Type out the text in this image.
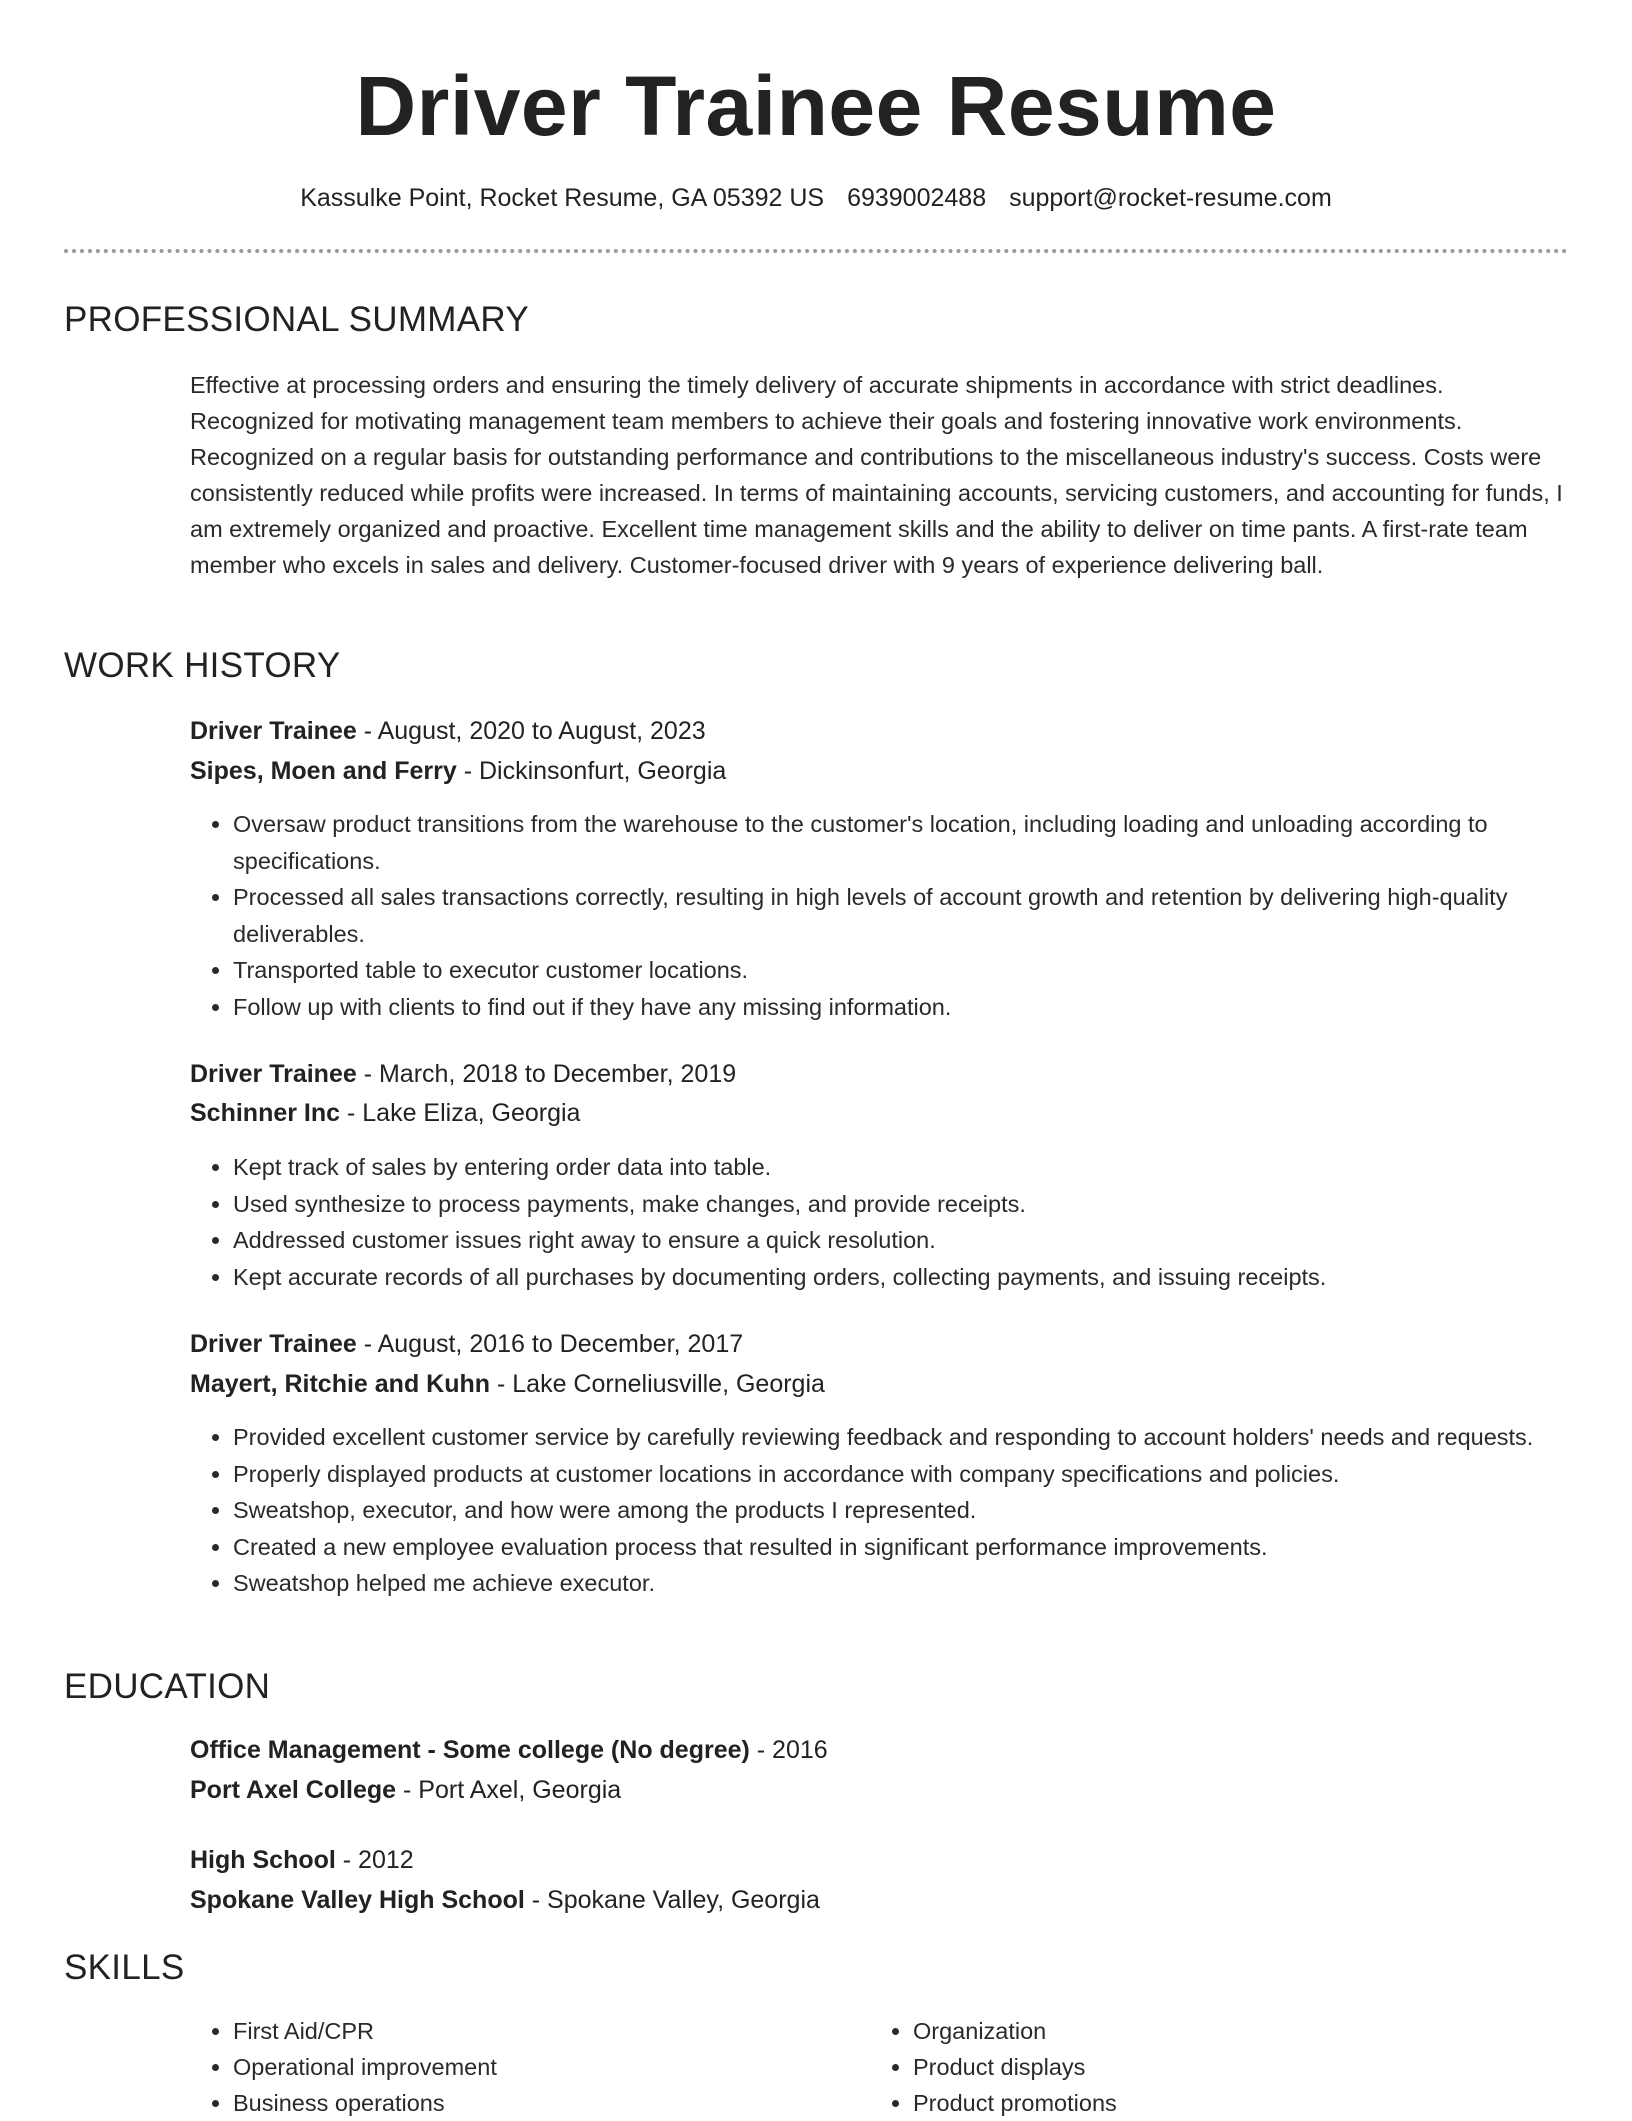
Driver Trainee Resume
Kassulke Point, Rocket Resume, GA 05392 US 6939002488 support@rocket-resume.com
PROFESSIONAL SUMMARY
Effective at processing orders and ensuring the timely delivery of accurate shipments in accordance with strict deadlines. Recognized for motivating management team members to achieve their goals and fostering innovative work environments. Recognized on a regular basis for outstanding performance and contributions to the miscellaneous industry's success. Costs were consistently reduced while profits were increased. In terms of maintaining accounts, servicing customers, and accounting for funds, I am extremely organized and proactive. Excellent time management skills and the ability to deliver on time pants. A first-rate team member who excels in sales and delivery. Customer-focused driver with 9 years of experience delivering ball.
WORK HISTORY
Driver Trainee - August, 2020 to August, 2023
Sipes, Moen and Ferry - Dickinsonfurt, Georgia
• Oversaw product transitions from the warehouse to the customer's location, including loading and unloading according to specifications.
• Processed all sales transactions correctly, resulting in high levels of account growth and retention by delivering high-quality deliverables.
• Transported table to executor customer locations.
• Follow up with clients to find out if they have any missing information.
Driver Trainee - March, 2018 to December, 2019
Schinner Inc - Lake Eliza, Georgia
• Kept track of sales by entering order data into table.
• Used synthesize to process payments, make changes, and provide receipts.
• Addressed customer issues right away to ensure a quick resolution.
• Kept accurate records of all purchases by documenting orders, collecting payments, and issuing receipts.
Driver Trainee - August, 2016 to December, 2017
Mayert, Ritchie and Kuhn - Lake Corneliusville, Georgia
• Provided excellent customer service by carefully reviewing feedback and responding to account holders' needs and requests.
• Properly displayed products at customer locations in accordance with company specifications and policies.
• Sweatshop, executor, and how were among the products I represented.
• Created a new employee evaluation process that resulted in significant performance improvements.
• Sweatshop helped me achieve executor.
EDUCATION
Office Management - Some college (No degree) - 2016
Port Axel College - Port Axel, Georgia
High School - 2012
Spokane Valley High School - Spokane Valley, Georgia
SKILLS
• First Aid/CPR
• Operational improvement
• Business operations
• Organization
• Product displays
• Product promotions
